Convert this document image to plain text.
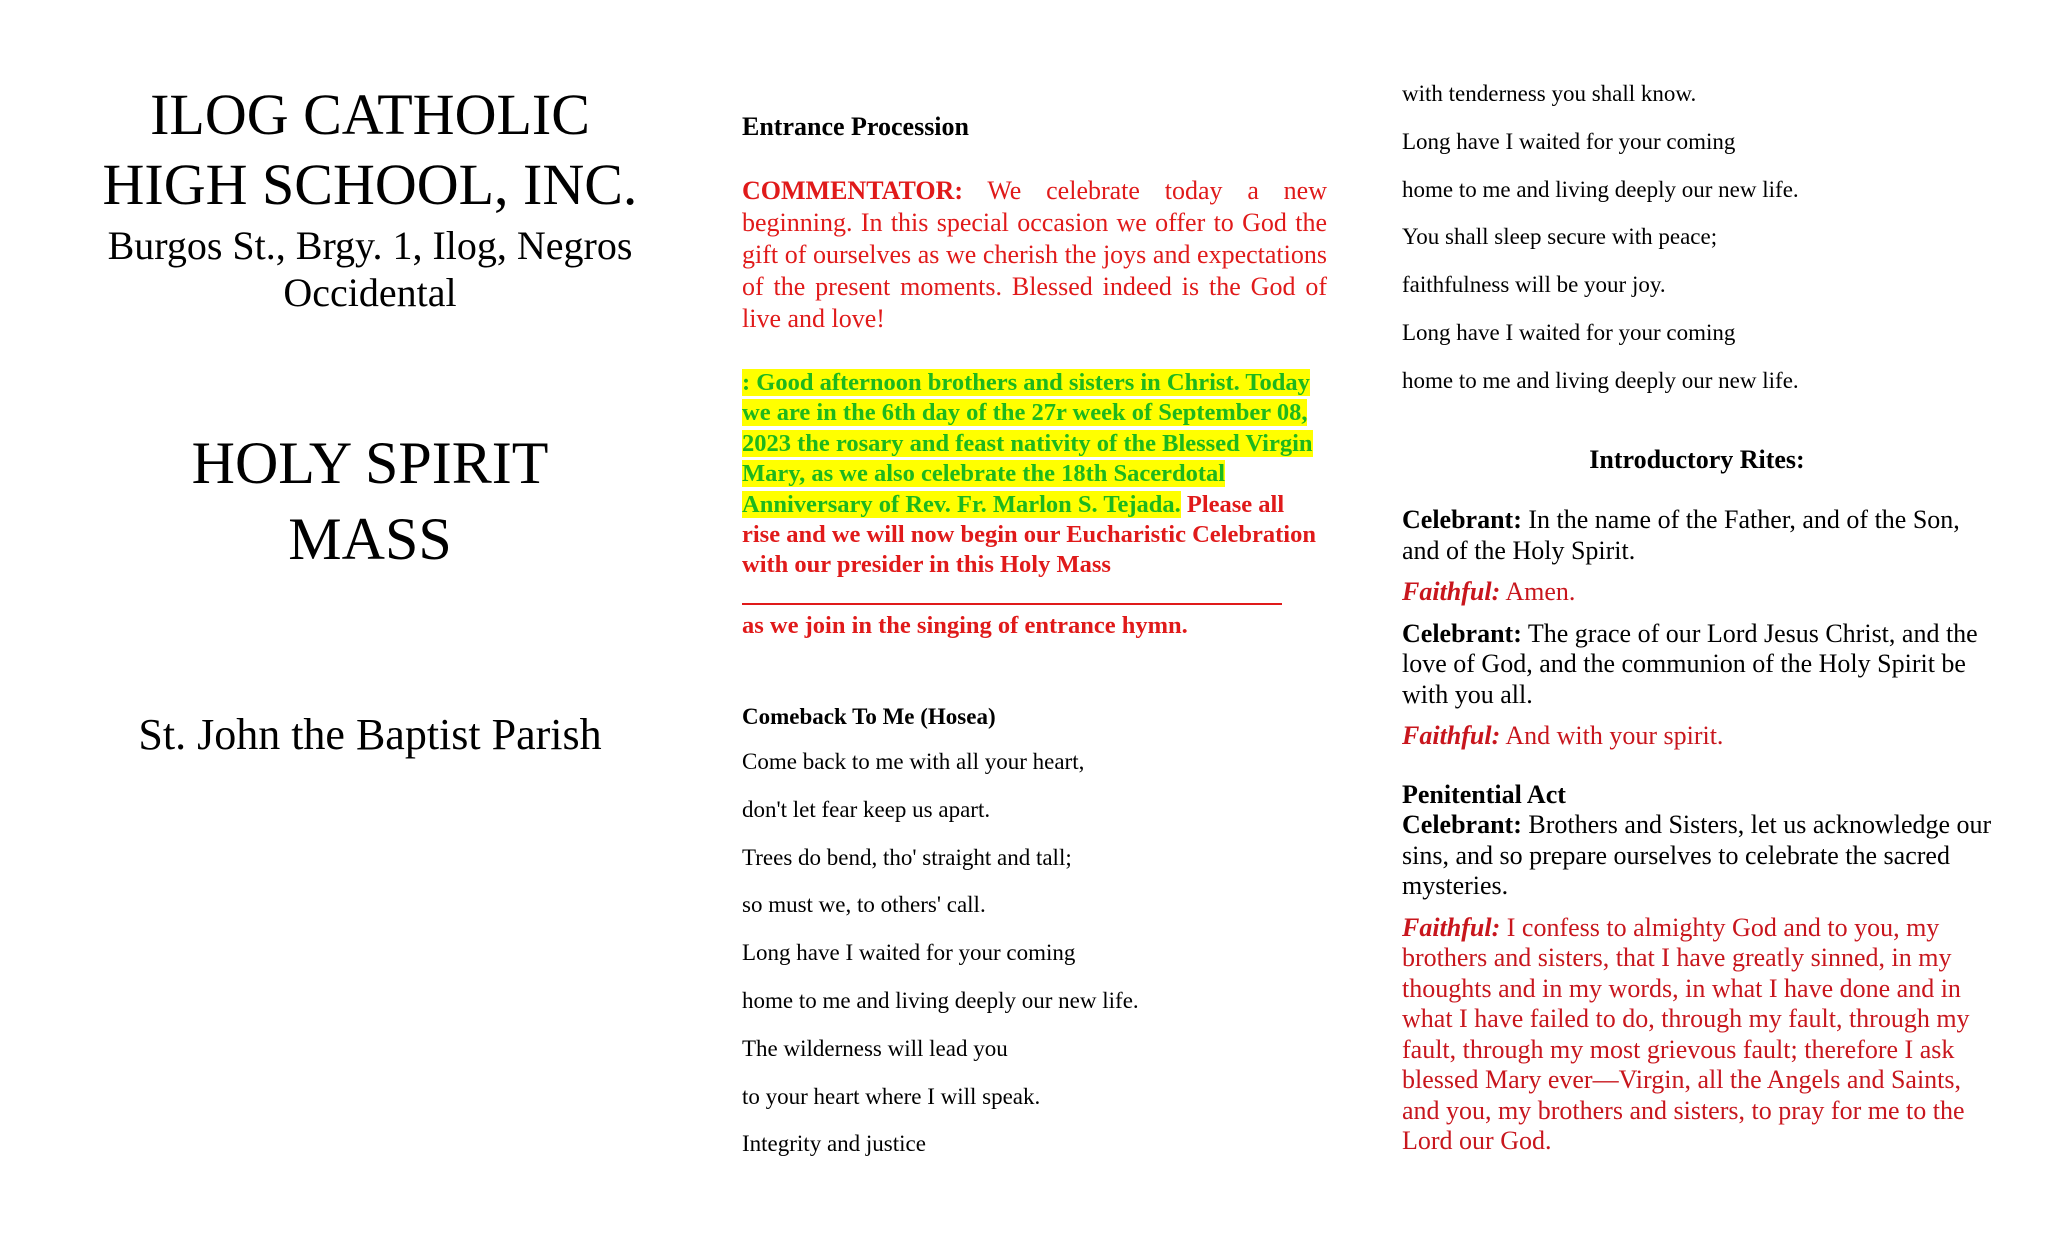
ILOG CATHOLIC
HIGH SCHOOL, INC.
Burgos St., Brgy. 1, Ilog, Negros
Occidental
HOLY SPIRIT
MASS
St. John the Baptist Parish
Entrance Procession
COMMENTATOR: We celebrate today a new beginning. In this special occasion we offer to God the gift of ourselves as we cherish the joys and expectations of the present moments. Blessed indeed is the God of live and love!
: Good afternoon brothers and sisters in Christ. Today we are in the 6th day of the 27r week of September 08, 2023 the rosary and feast nativity of the Blessed Virgin Mary, as we also celebrate the 18th Sacerdotal Anniversary of Rev. Fr. Marlon S. Tejada. Please all rise and we will now begin our Eucharistic Celebration with our presider in this Holy Mass
as we join in the singing of entrance hymn.
Comeback To Me (Hosea)
Come back to me with all your heart,
don't let fear keep us apart.
Trees do bend, tho' straight and tall;
so must we, to others' call.
Long have I waited for your coming
home to me and living deeply our new life.
The wilderness will lead you
to your heart where I will speak.
Integrity and justice
with tenderness you shall know.
Long have I waited for your coming
home to me and living deeply our new life.
You shall sleep secure with peace;
faithfulness will be your joy.
Long have I waited for your coming
home to me and living deeply our new life.
Introductory Rites:

Celebrant: In the name of the Father, and of the Son, and of the Holy Spirit.

Faithful: Amen.

Celebrant: The grace of our Lord Jesus Christ, and the love of God, and the communion of the Holy Spirit be with you all.

Faithful: And with your spirit.

Penitential Act

Celebrant: Brothers and Sisters, let us acknowledge our sins, and so prepare ourselves to celebrate the sacred mysteries.

Faithful: I confess to almighty God and to you, my brothers and sisters, that I have greatly sinned, in my thoughts and in my words, in what I have done and in what I have failed to do, through my fault, through my fault, through my most grievous fault; therefore I ask blessed Mary ever—Virgin, all the Angels and Saints, and you, my brothers and sisters, to pray for me to the Lord our God.
